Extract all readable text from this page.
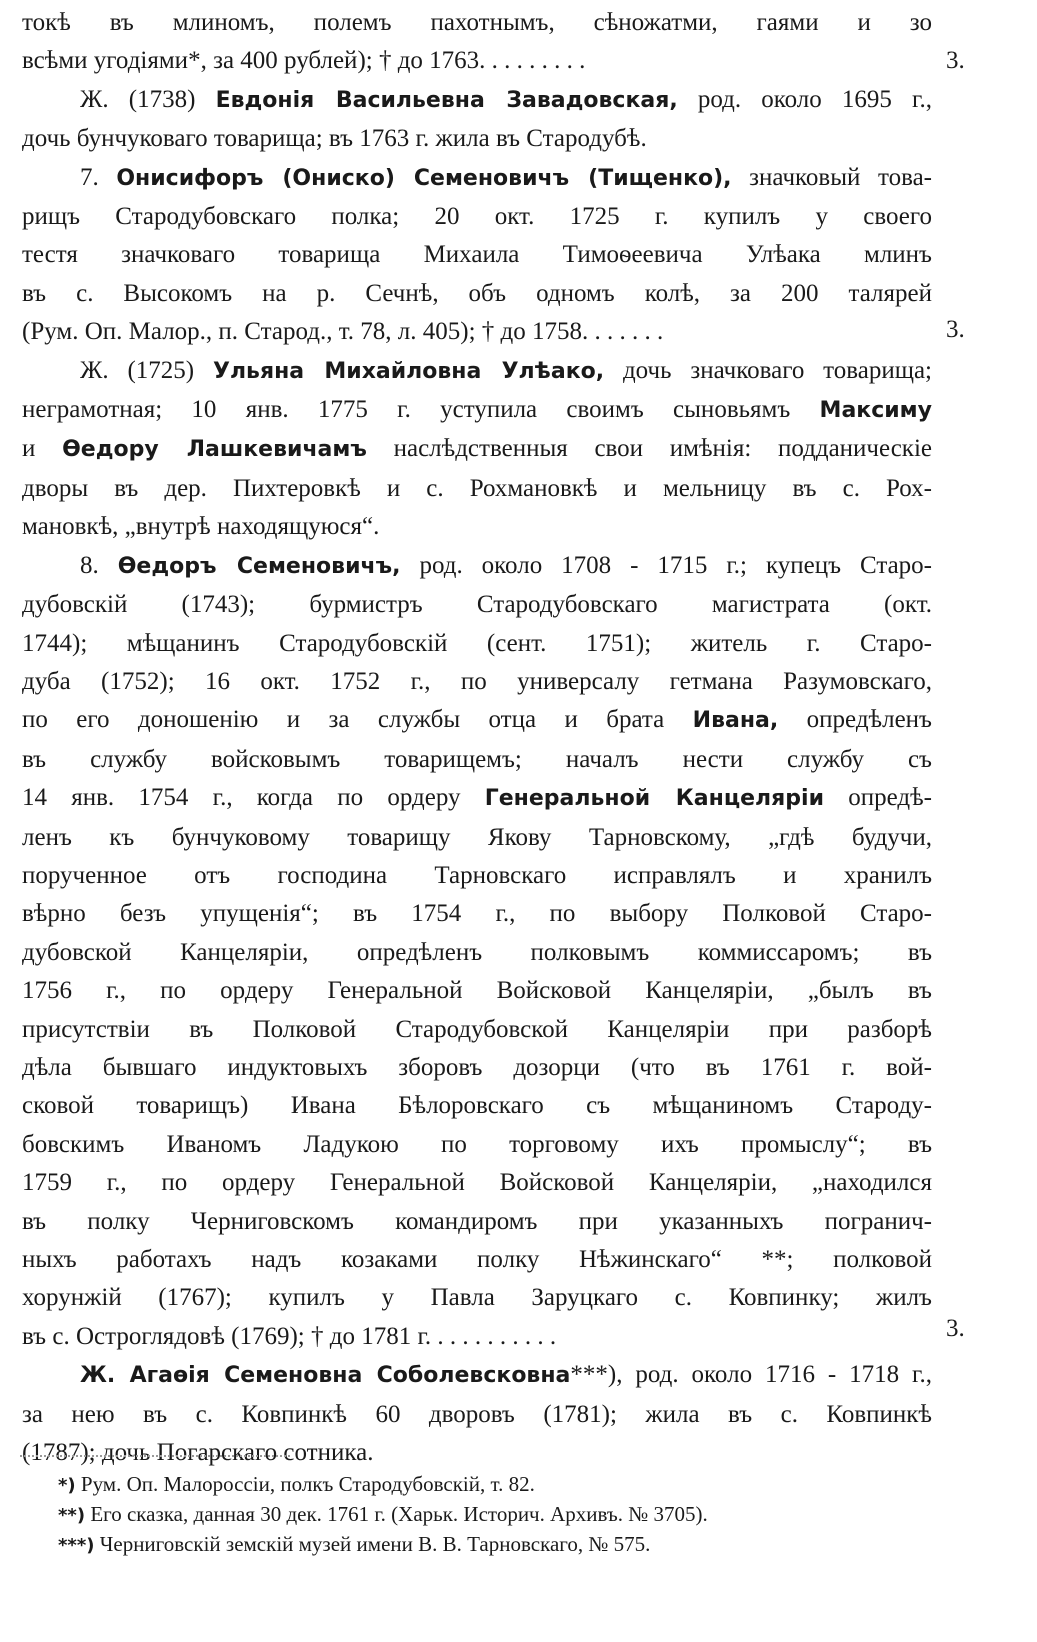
токѣ въ млиномъ, полемъ пахотнымъ, сѣножатми, гаями и зо
всѣми угодіями*, за 400 рублей); † до 1763. . . . . . . . .
Ж. (1738) Евдонія Васильевна Завадовская, род. около 1695 г.,
дочь бунчуковаго товарища; въ 1763 г. жила въ Стародубѣ.
7. Онисифоръ (Ониско) Семеновичъ (Тищенко), значковый това-
рищъ Стародубовскаго полка; 20 окт. 1725 г. купилъ у своего
тестя значковаго товарища Михаила Тимоѳеевича Улѣака млинъ
въ с. Высокомъ на р. Сечнѣ, объ одномъ колѣ, за 200 талярей
(Рум. Оп. Малор., п. Старод., т. 78, л. 405); † до 1758. . . . . . .
Ж. (1725) Ульяна Михайловна Улѣако, дочь значковаго товарища;
неграмотная; 10 янв. 1775 г. уступила своимъ сыновьямъ Максиму
и Ѳедору Лашкевичамъ наслѣдственныя свои имѣнія: подданическіе
дворы въ дер. Пихтеровкѣ и с. Рохмановкѣ и мельницу въ с. Рох-
мановкѣ, „внутрѣ находящуюся“.
8. Ѳедоръ Семеновичъ, род. около 1708 - 1715 г.; купецъ Старо-
дубовскій (1743); бурмистръ Стародубовскаго магистрата (окт.
1744); мѣщанинъ Стародубовскій (сент. 1751); житель г. Старо-
дуба (1752); 16 окт. 1752 г., по универсалу гетмана Разумовскаго,
по его доношенію и за службы отца и брата Ивана, опредѣленъ
въ службу войсковымъ товарищемъ; началъ нести службу съ
14 янв. 1754 г., когда по ордеру Генеральной Канцеляріи опредѣ-
ленъ къ бунчуковому товарищу Якову Тарновскому, „гдѣ будучи,
порученное отъ господина Тарновскаго исправлялъ и хранилъ
вѣрно безъ упущенія“; въ 1754 г., по выбору Полковой Старо-
дубовской Канцеляріи, опредѣленъ полковымъ коммиссаромъ; въ
1756 г., по ордеру Генеральной Войсковой Канцеляріи, „былъ въ
присутствіи въ Полковой Стародубовской Канцеляріи при разборѣ
дѣла бывшаго индуктовыхъ зборовъ дозорци (что въ 1761 г. вой-
сковой товарищъ) Ивана Бѣлоровскаго съ мѣщаниномъ Староду-
бовскимъ Иваномъ Ладукою по торговому ихъ промыслу“; въ
1759 г., по ордеру Генеральной Войсковой Канцеляріи, „находился
въ полку Черниговскомъ командиромъ при указанныхъ погранич-
ныхъ работахъ надъ козаками полку Нѣжинскаго“ **; полковой
хорунжій (1767); купилъ у Павла Заруцкаго с. Ковпинку; жилъ
въ с. Остроглядовѣ (1769); † до 1781 г. . . . . . . . . . .
Ж. Агаѳія Семеновна Соболевсковна***), род. около 1716 - 1718 г.,
за нею въ с. Ковпинкѣ 60 дворовъ (1781); жила въ с. Ковпинкѣ
(1787); дочь Погарскаго сотника.
*) Рум. Оп. Малороссіи, полкъ Стародубовскій, т. 82.
**) Его сказка, данная 30 дек. 1761 г. (Харьк. Историч. Архивъ. № 3705).
***) Черниговскій земскій музей имени В. В. Тарновскаго, № 575.
3.
3.
3.
